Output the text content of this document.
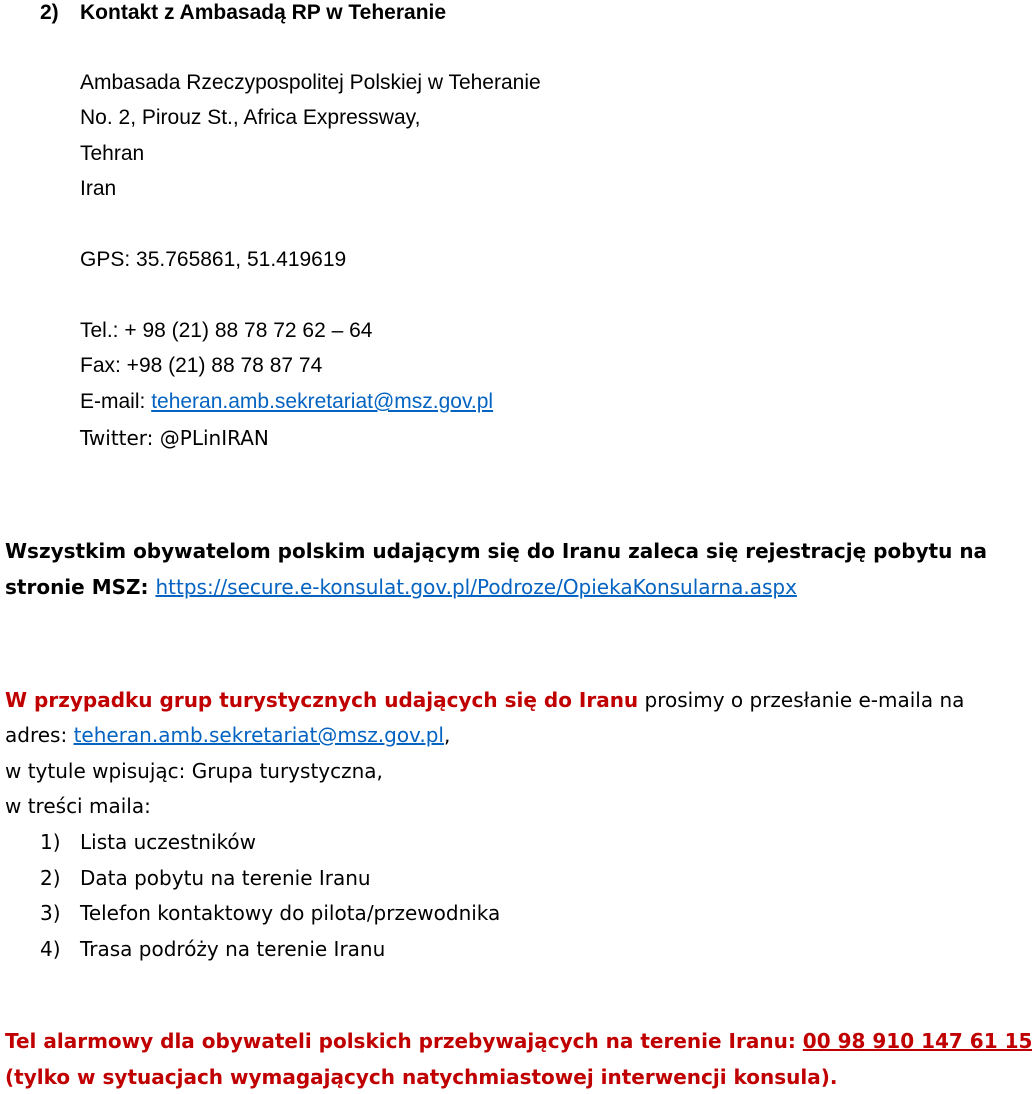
2) Kontakt z Ambasadą RP w Teheranie
Ambasada Rzeczypospolitej Polskiej w Teheranie
No. 2, Pirouz St., Africa Expressway,
Tehran
Iran
GPS: 35.765861, 51.419619
Tel.: + 98 (21) 88 78 72 62 – 64
Fax: +98 (21) 88 78 87 74
E-mail: teheran.amb.sekretariat@msz.gov.pl
Twitter: @PLinIRAN
Wszystkim obywatelom polskim udającym się do Iranu zaleca się rejestrację pobytu na
stronie MSZ: https://secure.e-konsulat.gov.pl/Podroze/OpiekaKonsularna.aspx
W przypadku grup turystycznych udających się do Iranu prosimy o przesłanie e-maila na
adres: teheran.amb.sekretariat@msz.gov.pl,
w tytule wpisując: Grupa turystyczna,
w treści maila:
1) Lista uczestników
2) Data pobytu na terenie Iranu
3) Telefon kontaktowy do pilota/przewodnika
4) Trasa podróży na terenie Iranu
Tel alarmowy dla obywateli polskich przebywających na terenie Iranu: 00 98 910 147 61 15
(tylko w sytuacjach wymagających natychmiastowej interwencji konsula).
